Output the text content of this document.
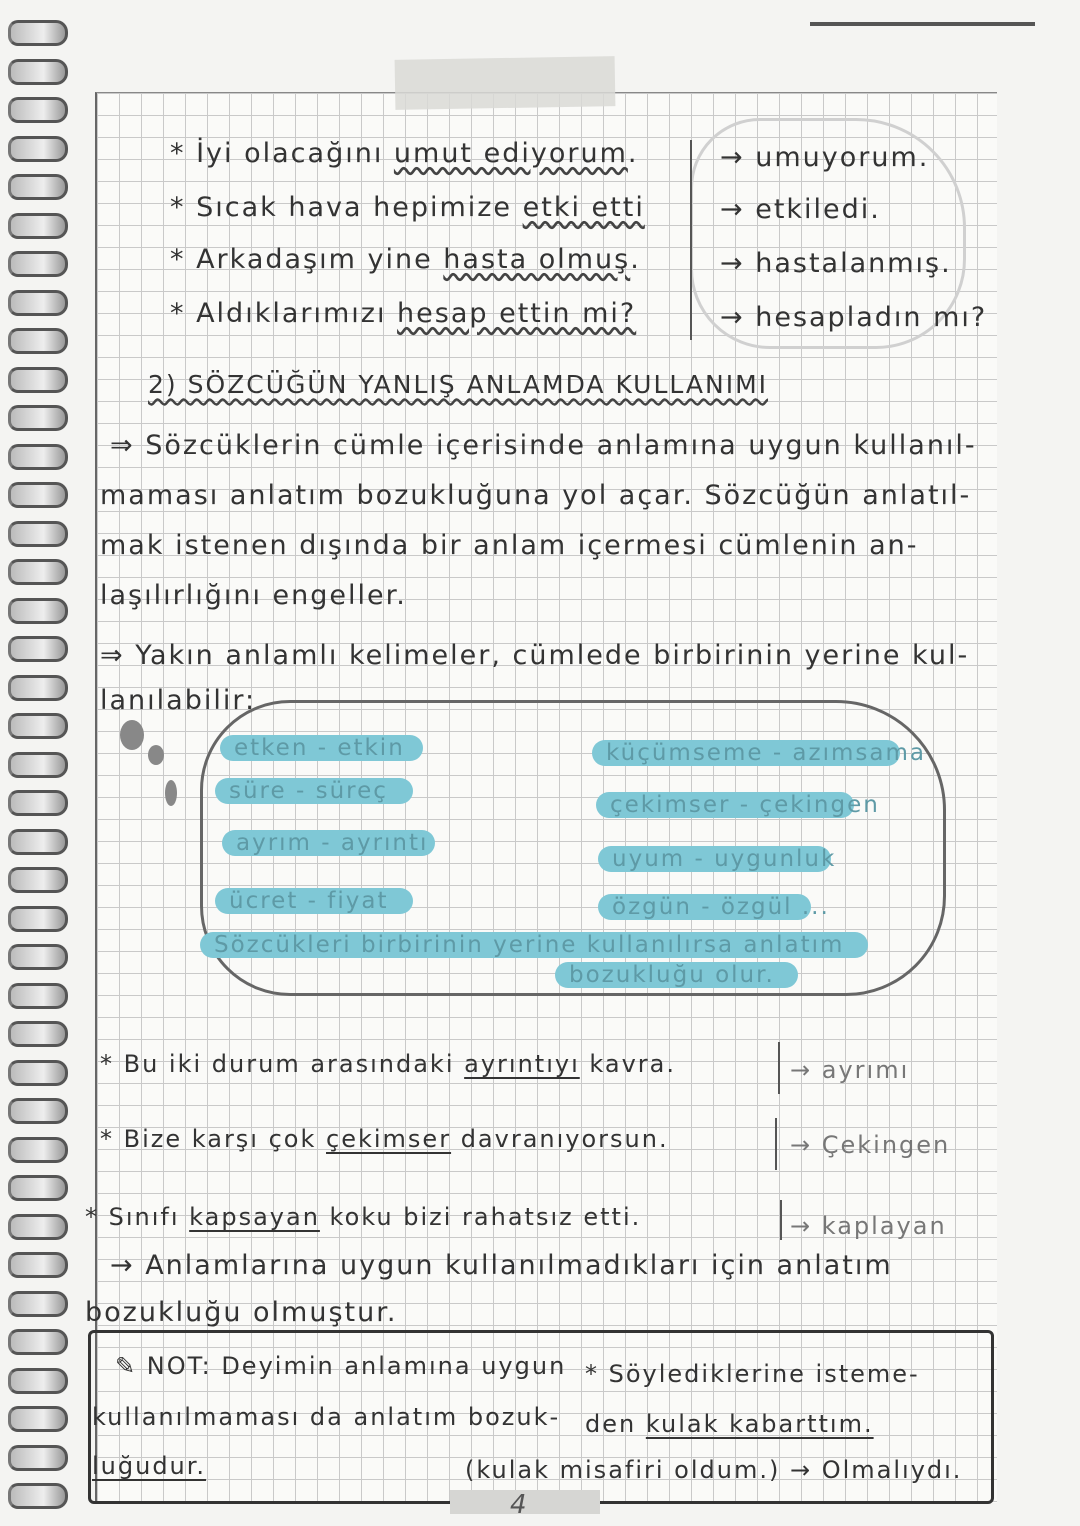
* İyi olacağını umut ediyorum.	→ umuyorum.
* Sıcak hava hepimize etki etti	→ etkiledi.
* Arkadaşım yine hasta olmuş.	→ hastalanmış.
* Aldıklarımızı hesap ettin mi?	→ hesapladın mı?
2) SÖZCÜĞÜN YANLIŞ ANLAMDA KULLANIMI
⇒ Sözcüklerin cümle içerisinde anlamına uygun kullanıl-
maması anlatım bozukluğuna yol açar. Sözcüğün anlatıl-
mak istenen dışında bir anlam içermesi cümlenin an-
laşılırlığını engeller.
⇒ Yakın anlamlı kelimeler, cümlede birbirinin yerine kul-
lanılabilir:
etken - etkin
süre - süreç
ayrım - ayrıntı
ücret - fiyat
küçümseme - azımsama
çekimser - çekingen
uyum - uygunluk
özgün - özgül ...
Sözcükleri birbirinin yerine kullanılırsa anlatım
bozukluğu olur.
* Bu iki durum arasındaki ayrıntıyı kavra.	→ ayrımı
* Bize karşı çok çekimser davranıyorsun.	→ Çekingen
* Sınıfı kapsayan koku bizi rahatsız etti.	→ kaplayan
→ Anlamlarına uygun kullanılmadıkları için anlatım
bozukluğu olmuştur.
✎ NOT: Deyimin anlamına uygun
kullanılmaması da anlatım bozuk-
luğudur.
* Söylediklerine isteme-
den kulak kabarttım.
(kulak misafiri oldum.) → Olmalıydı.
4
